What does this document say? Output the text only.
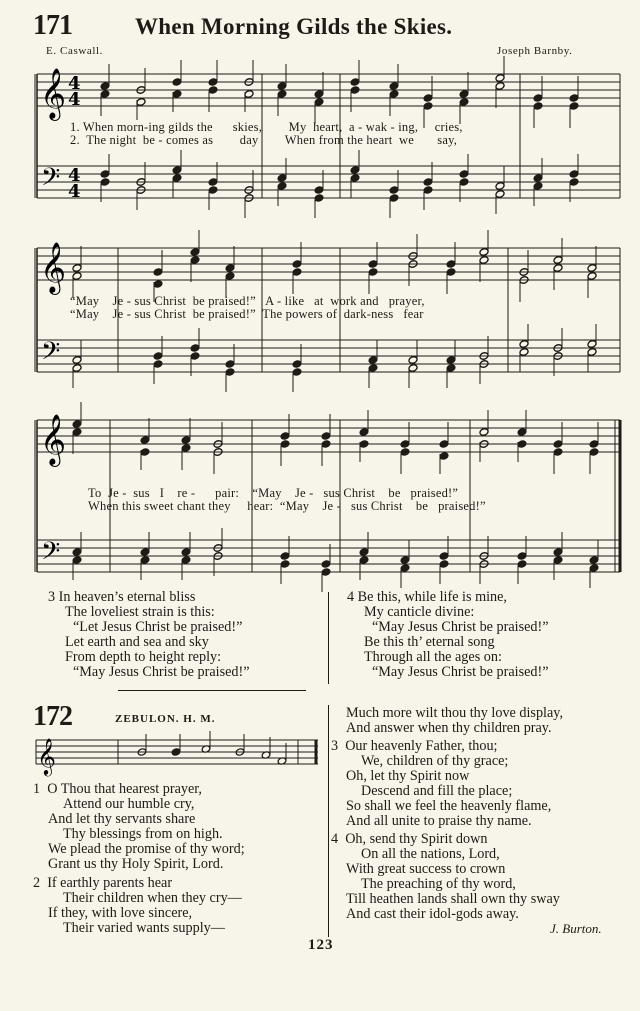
171	When Morning Gilds the Skies.
E. Caswall.	Joseph Barnby.
𝄞
𝄢
𝄞
𝄢
𝄞
𝄢
4
4
4
4
1. When morn-ing gilds the      skies,        My  heart,  a - wak - ing,     cries,
2.  The night  be - comes as        day        When from the heart  we       say,
“May    Je - sus Christ  be praised!”   A - like   at  work and   prayer,
“May    Je - sus Christ  be praised!”  The powers of  dark-ness   fear
To  Je -  sus   I    re -      pair:    “May    Je -   sus Christ    be   praised!”
When this sweet chant they     hear:  “May    Je -   sus Christ    be   praised!”
3 In heaven’s eternal bliss
The loveliest strain is this:
“Let Jesus Christ be praised!”
Let earth and sea and sky
From depth to height reply:
“May Jesus Christ be praised!”
4 Be this, while life is mine,
My canticle divine:
“May Jesus Christ be praised!”
Be this th’ eternal song
Through all the ages on:
“May Jesus Christ be praised!”
172	ZEBULON. H. M.
𝄞
1  O Thou that hearest prayer,
Attend our humble cry,
And let thy servants share
Thy blessings from on high.
We plead the promise of thy word;
Grant us thy Holy Spirit, Lord.
2  If earthly parents hear
Their children when they cry—
If they, with love sincere,
Their varied wants supply—
Much more wilt thou thy love display,
And answer when thy children pray.
3  Our heavenly Father, thou;
We, children of thy grace;
Oh, let thy Spirit now
Descend and fill the place;
So shall we feel the heavenly flame,
And all unite to praise thy name.
4  Oh, send thy Spirit down
On all the nations, Lord,
With great success to crown
The preaching of thy word,
Till heathen lands shall own thy sway
And cast their idol-gods away.
J. Burton.
123
